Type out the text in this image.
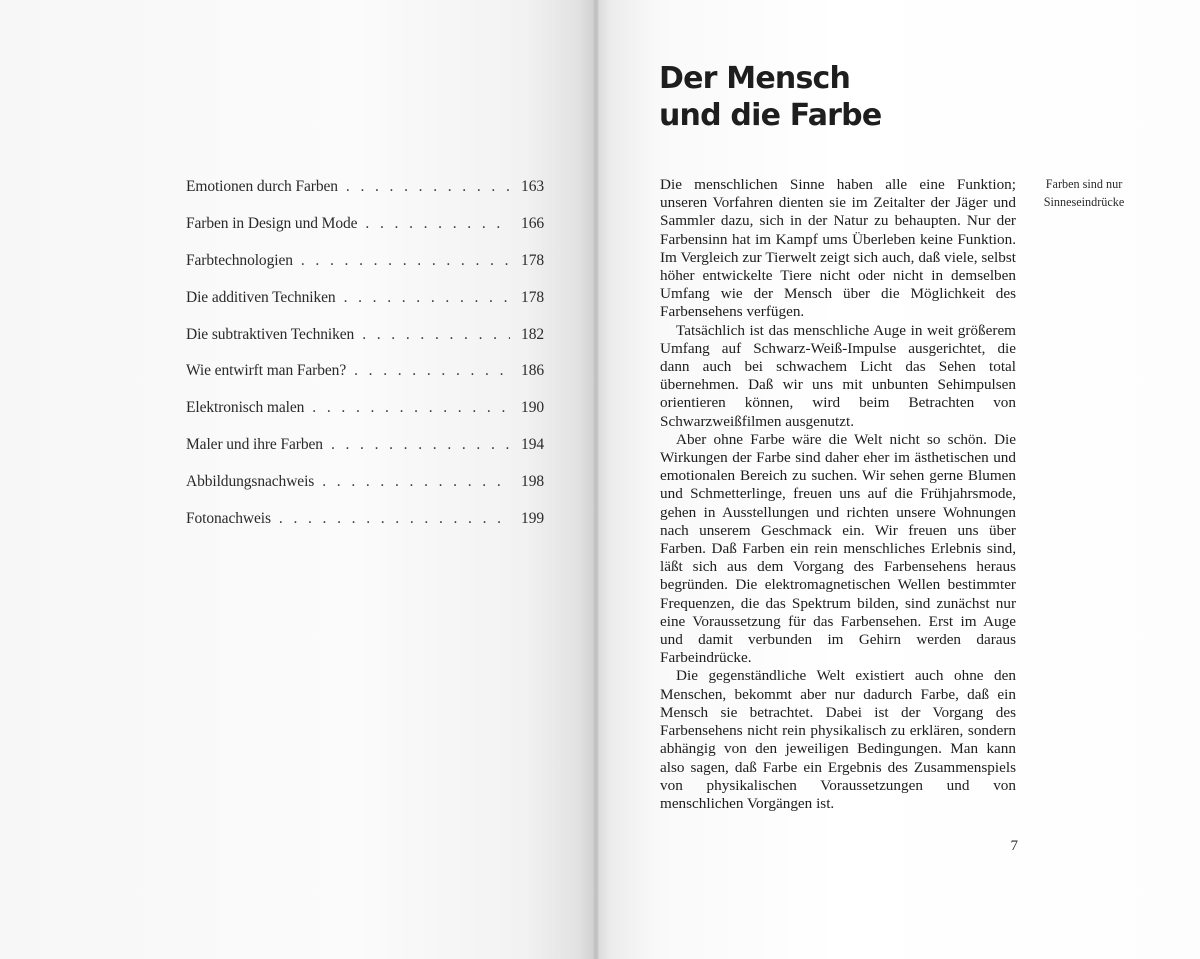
Emotionen durch Farben . . .	163
Farben in Design und Mode . . .	166
Farbtechnologien . . .	178
Die additiven Techniken . . .	178
Die subtraktiven Techniken . . .	182
Wie entwirft man Farben? . . .	186
Elektronisch malen . . .	190
Maler und ihre Farben . . .	194
Abbildungsnachweis . . .	198
Fotonachweis . . .	199
Der Mensch
und die Farbe
Farben sind nur
Sinneseindrücke

Die menschlichen Sinne haben alle eine Funktion; unseren Vorfahren dienten sie im Zeitalter der Jäger und Sammler dazu, sich in der Natur zu behaupten. Nur der Farbensinn hat im Kampf ums Überleben keine Funktion. Im Vergleich zur Tierwelt zeigt sich auch, daß viele, selbst höher entwickelte Tiere nicht oder nicht in demselben Umfang wie der Mensch über die Möglichkeit des Farbensehens verfügen.

Tatsächlich ist das menschliche Auge in weit größerem Umfang auf Schwarz-Weiß-Impulse ausgerichtet, die dann auch bei schwachem Licht das Sehen total übernehmen. Daß wir uns mit unbunten Sehimpulsen orientieren können, wird beim Betrachten von Schwarzweißfilmen ausgenutzt.

Aber ohne Farbe wäre die Welt nicht so schön. Die Wirkungen der Farbe sind daher eher im ästhetischen und emotionalen Bereich zu suchen. Wir sehen gerne Blumen und Schmetterlinge, freuen uns auf die Frühjahrsmode, gehen in Ausstellungen und richten unsere Wohnungen nach unserem Geschmack ein. Wir freuen uns über Farben. Daß Farben ein rein menschliches Erlebnis sind, läßt sich aus dem Vorgang des Farbensehens heraus begründen. Die elektromagnetischen Wellen bestimmter Frequenzen, die das Spektrum bilden, sind zunächst nur eine Voraussetzung für das Farbensehen. Erst im Auge und damit verbunden im Gehirn werden daraus Farbeindrücke.

Die gegenständliche Welt existiert auch ohne den Menschen, bekommt aber nur dadurch Farbe, daß ein Mensch sie betrachtet. Dabei ist der Vorgang des Farbensehens nicht rein physikalisch zu erklären, sondern abhängig von den jeweiligen Bedingungen. Man kann also sagen, daß Farbe ein Ergebnis des Zusammenspiels von physikalischen Voraussetzungen und von menschlichen Vorgängen ist.

7
